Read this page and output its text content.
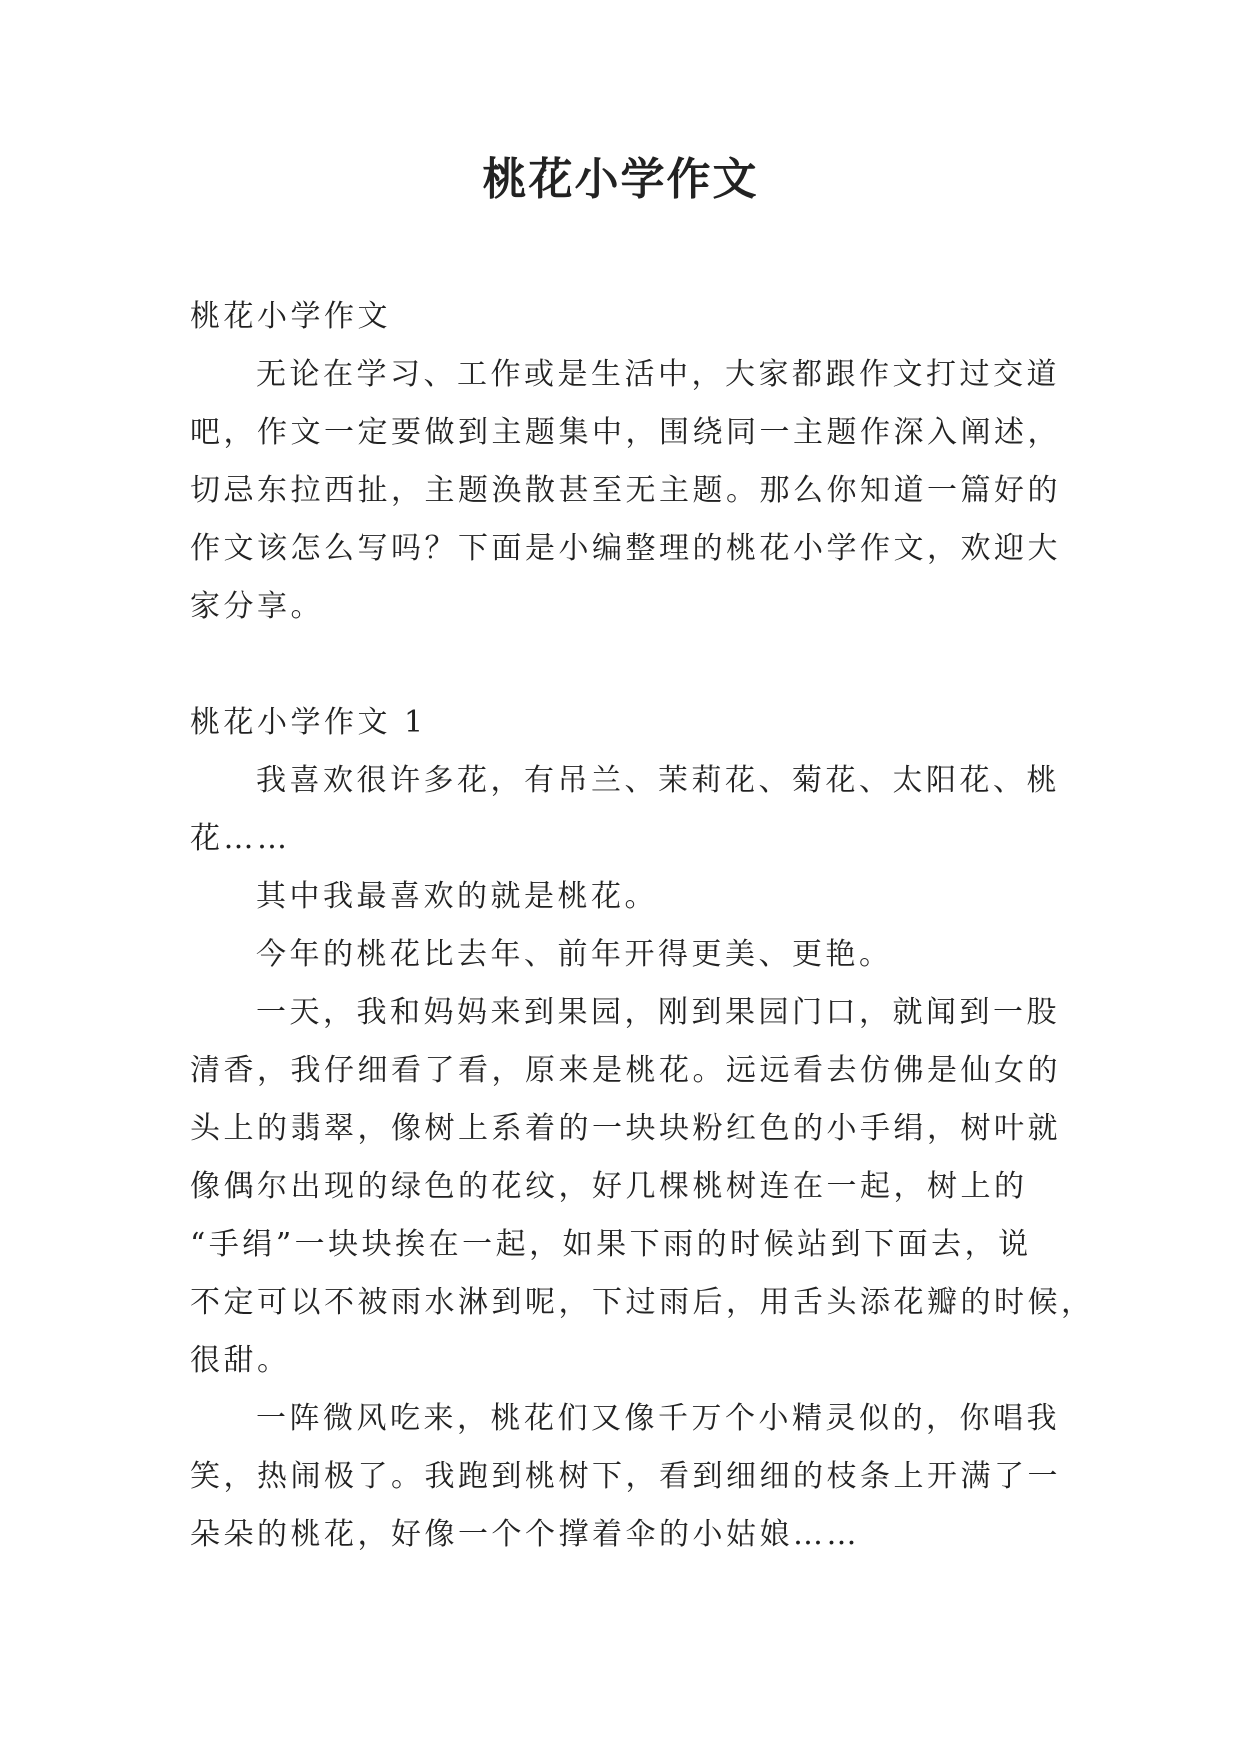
桃花小学作文

桃花小学作文

无论在学习、工作或是生活中，大家都跟作文打过交道

吧，作文一定要做到主题集中，围绕同一主题作深入阐述，

切忌东拉西扯，主题涣散甚至无主题。那么你知道一篇好的

作文该怎么写吗？下面是小编整理的桃花小学作文，欢迎大

家分享。

桃花小学作文 1

我喜欢很许多花，有吊兰、茉莉花、菊花、太阳花、桃

花……

其中我最喜欢的就是桃花。

今年的桃花比去年、前年开得更美、更艳。

一天，我和妈妈来到果园，刚到果园门口，就闻到一股

清香，我仔细看了看，原来是桃花。远远看去仿佛是仙女的

头上的翡翠，像树上系着的一块块粉红色的小手绢，树叶就

像偶尔出现的绿色的花纹，好几棵桃树连在一起，树上的

“手绢”一块块挨在一起，如果下雨的时候站到下面去，说

不定可以不被雨水淋到呢，下过雨后，用舌头添花瓣的时候，

很甜。

一阵微风吃来，桃花们又像千万个小精灵似的，你唱我

笑，热闹极了。我跑到桃树下，看到细细的枝条上开满了一

朵朵的桃花，好像一个个撑着伞的小姑娘……
